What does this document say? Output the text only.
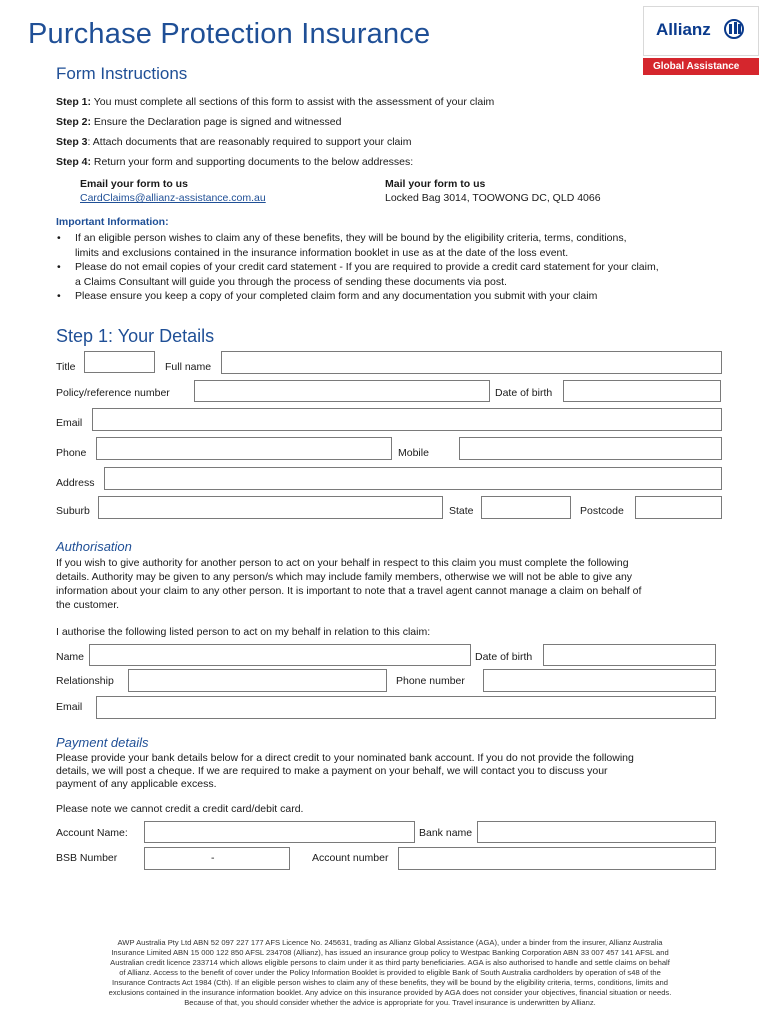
Purchase Protection Insurance	Allianz
Global Assistance
Form Instructions
Step 1: You must complete all sections of this form to assist with the assessment of your claim
Step 2: Ensure the Declaration page is signed and witnessed
Step 3: Attach documents that are reasonably required to support your claim
Step 4: Return your form and supporting documents to the below addresses:
Email your form to us
CardClaims@allianz-assistance.com.au
Mail your form to us
Locked Bag 3014, TOOWONG DC, QLD 4066
Important Information:
• If an eligible person wishes to claim any of these benefits, they will be bound by the eligibility criteria, terms, conditions,
limits and exclusions contained in the insurance information booklet in use as at the date of the loss event.
• Please do not email copies of your credit card statement - If you are required to provide a credit card statement for your claim,
a Claims Consultant will guide you through the process of sending these documents via post.
• Please ensure you keep a copy of your completed claim form and any documentation you submit with your claim
Step 1: Your Details
Title	Full name
Policy/reference number	Date of birth
Email
Phone	Mobile
Address
Suburb	State	Postcode
Authorisation
If you wish to give authority for another person to act on your behalf in respect to this claim you must complete the following
details. Authority may be given to any person/s which may include family members, otherwise we will not be able to give any
information about your claim to any other person. It is important to note that a travel agent cannot manage a claim on behalf of
the customer.
I authorise the following listed person to act on my behalf in relation to this claim:
Name	Date of birth
Relationship	Phone number
Email
Payment details
Please provide your bank details below for a direct credit to your nominated bank account. If you do not provide the following
details, we will post a cheque. If we are required to make a payment on your behalf, we will contact you to discuss your
payment of any applicable excess.
Please note we cannot credit a credit card/debit card.
Account Name:	Bank name
BSB Number	-	Account number
AWP Australia Pty Ltd ABN 52 097 227 177 AFS Licence No. 245631, trading as Allianz Global Assistance (AGA), under a binder from the insurer, Allianz Australia
Insurance Limited ABN 15 000 122 850 AFSL 234708 (Allianz), has issued an insurance group policy to Westpac Banking Corporation ABN 33 007 457 141 AFSL and
Australian credit licence 233714 which allows eligible persons to claim under it as third party beneficiaries. AGA is also authorised to handle and settle claims on behalf
of Allianz. Access to the benefit of cover under the Policy Information Booklet is provided to eligible Bank of South Australia cardholders by operation of s48 of the
Insurance Contracts Act 1984 (Cth). If an eligible person wishes to claim any of these benefits, they will be bound by the eligibility criteria, terms, conditions, limits and
exclusions contained in the insurance information booklet. Any advice on this insurance provided by AGA does not consider your objectives, financial situation or needs.
Because of that, you should consider whether the advice is appropriate for you. Travel insurance is underwritten by Allianz.
